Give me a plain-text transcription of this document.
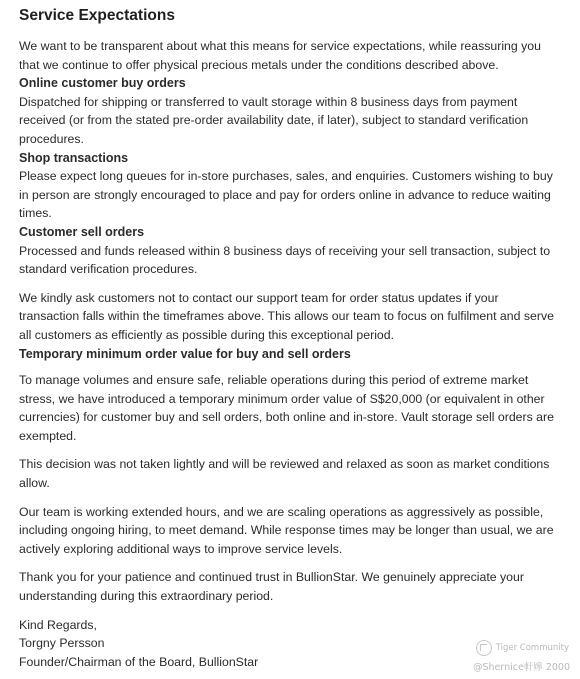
Service Expectations

We want to be transparent about what this means for service expectations, while reassuring you that we continue to offer physical precious metals under the conditions described above.

Online customer buy orders

Dispatched for shipping or transferred to vault storage within 8 business days from payment received (or from the stated pre-order availability date, if later), subject to standard verification procedures.

Shop transactions

Please expect long queues for in-store purchases, sales, and enquiries. Customers wishing to buy in person are strongly encouraged to place and pay for orders online in advance to reduce waiting times.

Customer sell orders

Processed and funds released within 8 business days of receiving your sell transaction, subject to standard verification procedures.

We kindly ask customers not to contact our support team for order status updates if your transaction falls within the timeframes above. This allows our team to focus on fulfilment and serve all customers as efficiently as possible during this exceptional period.

Temporary minimum order value for buy and sell orders

To manage volumes and ensure safe, reliable operations during this period of extreme market stress, we have introduced a temporary minimum order value of S$20,000 (or equivalent in other currencies) for customer buy and sell orders, both online and in-store. Vault storage sell orders are exempted.

This decision was not taken lightly and will be reviewed and relaxed as soon as market conditions allow.

Our team is working extended hours, and we are scaling operations as aggressively as possible, including ongoing hiring, to meet demand. While response times may be longer than usual, we are actively exploring additional ways to improve service levels.

Thank you for your patience and continued trust in BullionStar. We genuinely appreciate your understanding during this extraordinary period.

Kind Regards,

Torgny Persson

Founder/Chairman of the Board, BullionStar

Tiger Community
@Shernice軒嬣 2000
